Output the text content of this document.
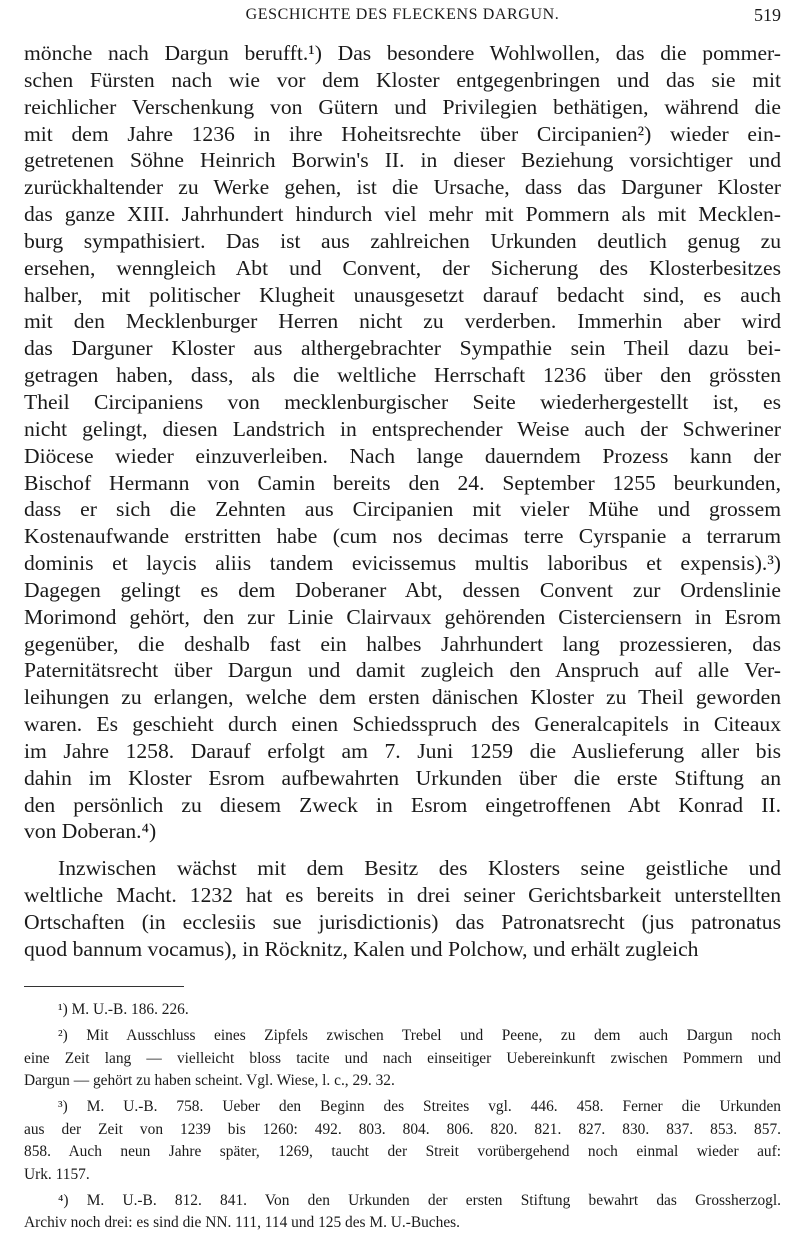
GESCHICHTE DES FLECKENS DARGUN.	519

mönche nach Dargun berufft.¹) Das besondere Wohlwollen, das die pommer-
schen Fürsten nach wie vor dem Kloster entgegenbringen und das sie mit
reichlicher Verschenkung von Gütern und Privilegien bethätigen, während die
mit dem Jahre 1236 in ihre Hoheitsrechte über Circipanien²) wieder ein-
getretenen Söhne Heinrich Borwin's II. in dieser Beziehung vorsichtiger und
zurückhaltender zu Werke gehen, ist die Ursache, dass das Darguner Kloster
das ganze XIII. Jahrhundert hindurch viel mehr mit Pommern als mit Mecklen-
burg sympathisiert. Das ist aus zahlreichen Urkunden deutlich genug zu
ersehen, wenngleich Abt und Convent, der Sicherung des Klosterbesitzes
halber, mit politischer Klugheit unausgesetzt darauf bedacht sind, es auch
mit den Mecklenburger Herren nicht zu verderben. Immerhin aber wird
das Darguner Kloster aus althergebrachter Sympathie sein Theil dazu bei-
getragen haben, dass, als die weltliche Herrschaft 1236 über den grössten
Theil Circipaniens von mecklenburgischer Seite wiederhergestellt ist, es
nicht gelingt, diesen Landstrich in entsprechender Weise auch der Schweriner
Diöcese wieder einzuverleiben. Nach lange dauerndem Prozess kann der
Bischof Hermann von Camin bereits den 24. September 1255 beurkunden,
dass er sich die Zehnten aus Circipanien mit vieler Mühe und grossem
Kostenaufwande erstritten habe (cum nos decimas terre Cyrspanie a terrarum
dominis et laycis aliis tandem evicissemus multis laboribus et expensis).³)
Dagegen gelingt es dem Doberaner Abt, dessen Convent zur Ordenslinie
Morimond gehört, den zur Linie Clairvaux gehörenden Cisterciensern in Esrom
gegenüber, die deshalb fast ein halbes Jahrhundert lang prozessieren, das
Paternitätsrecht über Dargun und damit zugleich den Anspruch auf alle Ver-
leihungen zu erlangen, welche dem ersten dänischen Kloster zu Theil geworden
waren. Es geschieht durch einen Schiedsspruch des Generalcapitels in Citeaux
im Jahre 1258. Darauf erfolgt am 7. Juni 1259 die Auslieferung aller bis
dahin im Kloster Esrom aufbewahrten Urkunden über die erste Stiftung an
den persönlich zu diesem Zweck in Esrom eingetroffenen Abt Konrad II.
von Doberan.⁴)

Inzwischen wächst mit dem Besitz des Klosters seine geistliche und
weltliche Macht. 1232 hat es bereits in drei seiner Gerichtsbarkeit unterstellten
Ortschaften (in ecclesiis sue jurisdictionis) das Patronatsrecht (jus patronatus
quod bannum vocamus), in Röcknitz, Kalen und Polchow, und erhält zugleich

¹) M. U.-B. 186. 226.
²) Mit Ausschluss eines Zipfels zwischen Trebel und Peene, zu dem auch Dargun noch
eine Zeit lang — vielleicht bloss tacite und nach einseitiger Uebereinkunft zwischen Pommern und
Dargun — gehört zu haben scheint. Vgl. Wiese, l. c., 29. 32.
³) M. U.-B. 758. Ueber den Beginn des Streites vgl. 446. 458. Ferner die Urkunden
aus der Zeit von 1239 bis 1260: 492. 803. 804. 806. 820. 821. 827. 830. 837. 853. 857.
858. Auch neun Jahre später, 1269, taucht der Streit vorübergehend noch einmal wieder auf:
Urk. 1157.
⁴) M. U.-B. 812. 841. Von den Urkunden der ersten Stiftung bewahrt das Grossherzogl.
Archiv noch drei: es sind die NN. 111, 114 und 125 des M. U.-Buches.
